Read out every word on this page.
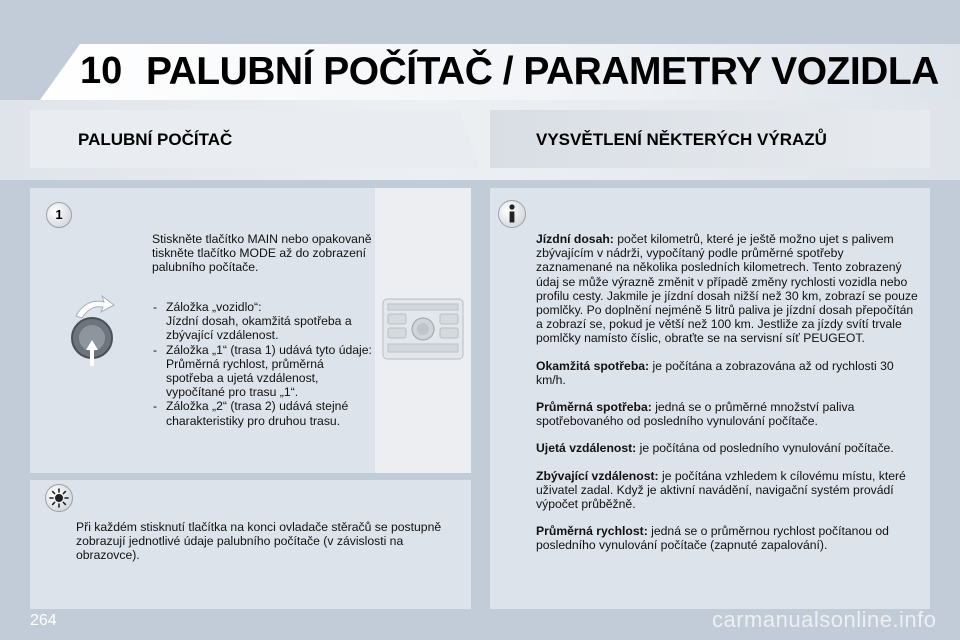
10 PALUBNÍ POČÍTAČ / PARAMETRY VOZIDLA
PALUBNÍ POČÍTAČ	VYSVĚTLENÍ NĚKTERÝCH VÝRAZŮ
1
Stiskněte tlačítko MAIN nebo opakovaně tiskněte tlačítko MODE až do zobrazení palubního počítače.
- Záložka „vozidlo“:
Jízdní dosah, okamžitá spotřeba a zbývající vzdálenost.
- Záložka „1“ (trasa 1) udává tyto údaje:
Průměrná rychlost, průměrná spotřeba a ujetá vzdálenost, vypočítané pro trasu „1“.
- Záložka „2“ (trasa 2) udává stejné charakteristiky pro druhou trasu.
Při každém stisknutí tlačítka na konci ovladače stěračů se postupně zobrazují jednotlivé údaje palubního počítače (v závislosti na obrazovce).

Jízdní dosah: počet kilometrů, které je ještě možno ujet s palivem zbývajícím v nádrži, vypočítaný podle průměrné spotřeby zaznamenané na několika posledních kilometrech. Tento zobrazený údaj se může výrazně změnit v případě změny rychlosti vozidla nebo profilu cesty. Jakmile je jízdní dosah nižší než 30 km, zobrazí se pouze pomlčky. Po doplnění nejméně 5 litrů paliva je jízdní dosah přepočítán a zobrazí se, pokud je větší než 100 km. Jestliže za jízdy svítí trvale pomlčky namísto číslic, obraťte se na servisní síť PEUGEOT.

Okamžitá spotřeba: je počítána a zobrazována až od rychlosti 30 km/h.

Průměrná spotřeba: jedná se o průměrné množství paliva spotřebovaného od posledního vynulování počítače.

Ujetá vzdálenost: je počítána od posledního vynulování počítače.

Zbývající vzdálenost: je počítána vzhledem k cílovému místu, které uživatel zadal. Když je aktivní navádění, navigační systém provádí výpočet průběžně.

Průměrná rychlost: jedná se o průměrnou rychlost počítanou od posledního vynulování počítače (zapnuté zapalování).

264	carmanualsonline.info
